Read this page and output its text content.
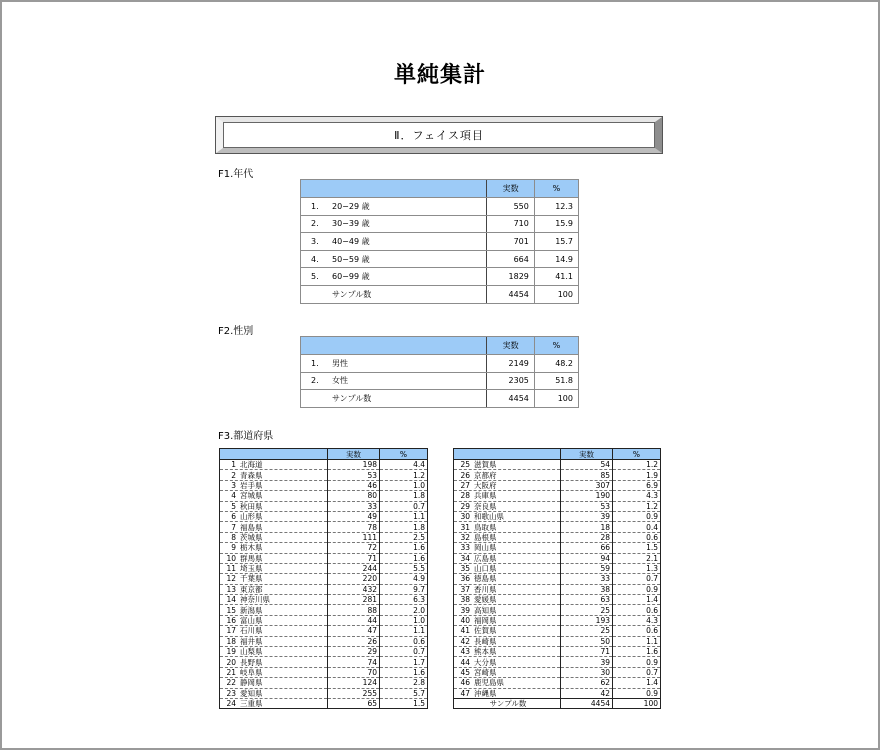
単純集計
Ⅱ．フェイス項目
F1.年代
		実数	%
1.	20−29 歳	550	12.3
2.	30−39 歳	710	15.9
3.	40−49 歳	701	15.7
4.	50−59 歳	664	14.9
5.	60−99 歳	1829	41.1
	サンプル数	4454	100
F2.性別
		実数	%
1.	男性	2149	48.2
2.	女性	2305	51.8
	サンプル数	4454	100
F3.都道府県
	実数	%
1 北海道	198	4.4
2 青森県	53	1.2
3 岩手県	46	1.0
4 宮城県	80	1.8
5 秋田県	33	0.7
6 山形県	49	1.1
7 福島県	78	1.8
8 茨城県	111	2.5
9 栃木県	72	1.6
10 群馬県	71	1.6
11 埼玉県	244	5.5
12 千葉県	220	4.9
13 東京都	432	9.7
14 神奈川県	281	6.3
15 新潟県	88	2.0
16 富山県	44	1.0
17 石川県	47	1.1
18 福井県	26	0.6
19 山梨県	29	0.7
20 長野県	74	1.7
21 岐阜県	70	1.6
22 静岡県	124	2.8
23 愛知県	255	5.7
24 三重県	65	1.5
	実数	%
25 滋賀県	54	1.2
26 京都府	85	1.9
27 大阪府	307	6.9
28 兵庫県	190	4.3
29 奈良県	53	1.2
30 和歌山県	39	0.9
31 鳥取県	18	0.4
32 島根県	28	0.6
33 岡山県	66	1.5
34 広島県	94	2.1
35 山口県	59	1.3
36 徳島県	33	0.7
37 香川県	38	0.9
38 愛媛県	63	1.4
39 高知県	25	0.6
40 福岡県	193	4.3
41 佐賀県	25	0.6
42 長崎県	50	1.1
43 熊本県	71	1.6
44 大分県	39	0.9
45 宮崎県	30	0.7
46 鹿児島県	62	1.4
47 沖縄県	42	0.9
サンプル数	4454	100
